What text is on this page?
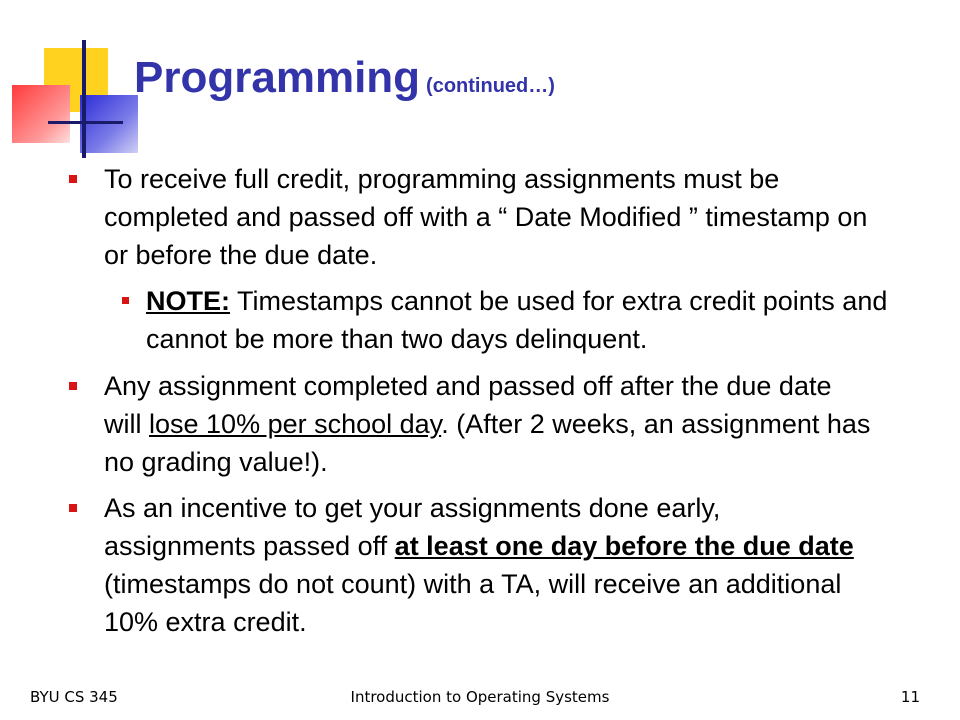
Programming (continued…)
To receive full credit, programming assignments must be completed and passed off with a “ Date Modified ” timestamp on or before the due date.
NOTE: Timestamps cannot be used for extra credit points and cannot be more than two days delinquent.
Any assignment completed and passed off after the due date will lose 10% per school day. (After 2 weeks, an assignment has no grading value!).
As an incentive to get your assignments done early, assignments passed off at least one day before the due date (timestamps do not count) with a TA, will receive an additional 10% extra credit.
BYU CS 345	Introduction to Operating Systems	11
